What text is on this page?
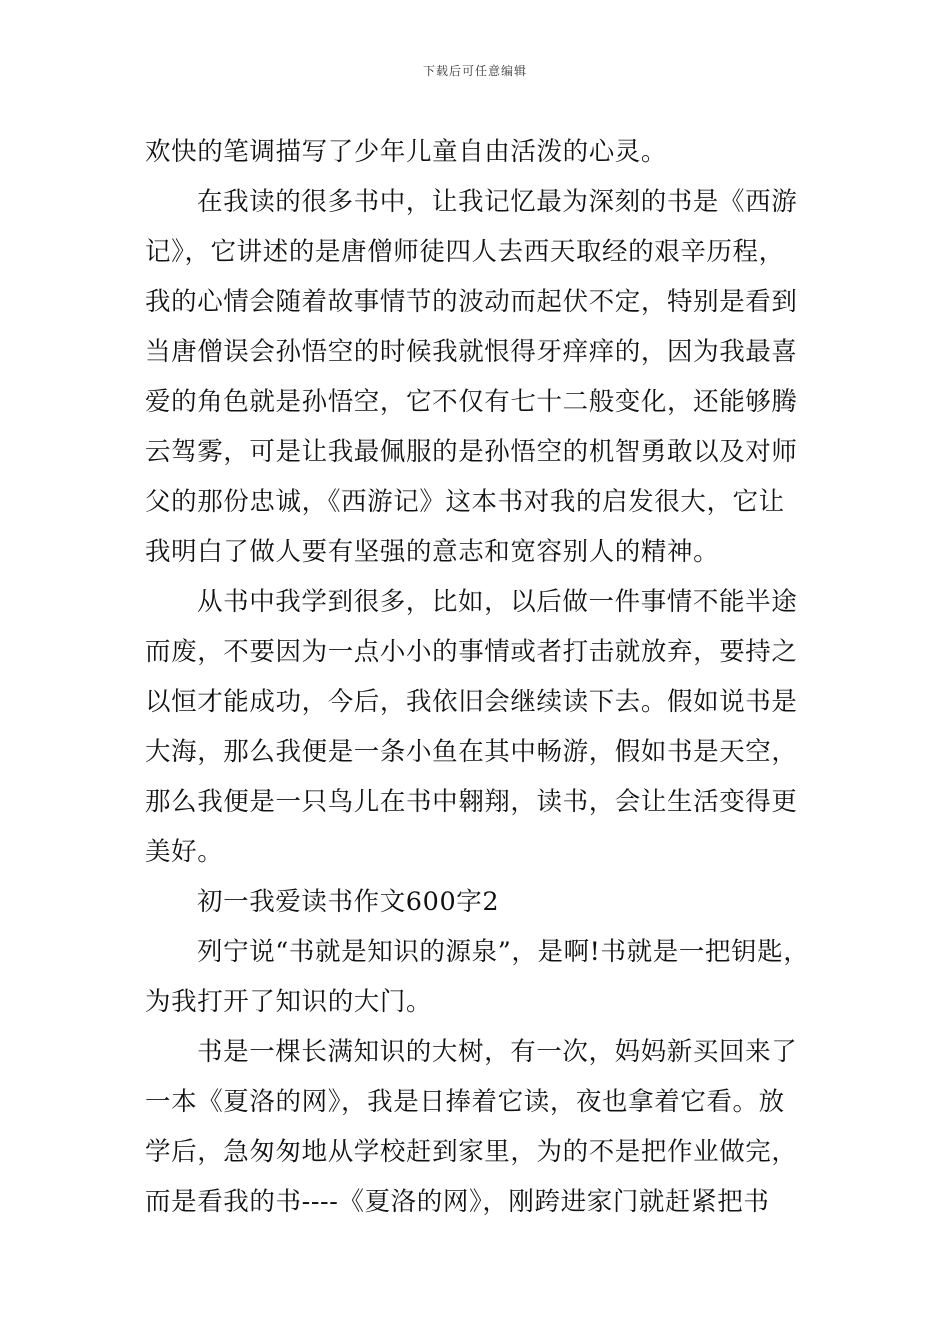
下载后可任意编辑
欢快的笔调描写了少年儿童自由活泼的心灵。
在我读的很多书中，让我记忆最为深刻的书是《西游
记》，它讲述的是唐僧师徒四人去西天取经的艰辛历程，
我的心情会随着故事情节的波动而起伏不定，特别是看到
当唐僧误会孙悟空的时候我就恨得牙痒痒的，因为我最喜
爱的角色就是孙悟空，它不仅有七十二般变化，还能够腾
云驾雾，可是让我最佩服的是孙悟空的机智勇敢以及对师
父的那份忠诚，《西游记》这本书对我的启发很大，它让
我明白了做人要有坚强的意志和宽容别人的精神。
从书中我学到很多，比如，以后做一件事情不能半途
而废，不要因为一点小小的事情或者打击就放弃，要持之
以恒才能成功，今后，我依旧会继续读下去。假如说书是
大海，那么我便是一条小鱼在其中畅游，假如书是天空，
那么我便是一只鸟儿在书中翱翔，读书，会让生活变得更
美好。
初一我爱读书作文600字2
列宁说“书就是知识的源泉”，是啊!书就是一把钥匙，
为我打开了知识的大门。
书是一棵长满知识的大树，有一次，妈妈新买回来了
一本《夏洛的网》，我是日捧着它读，夜也拿着它看。放
学后，急匆匆地从学校赶到家里，为的不是把作业做完，
而是看我的书----《夏洛的网》，刚跨进家门就赶紧把书
